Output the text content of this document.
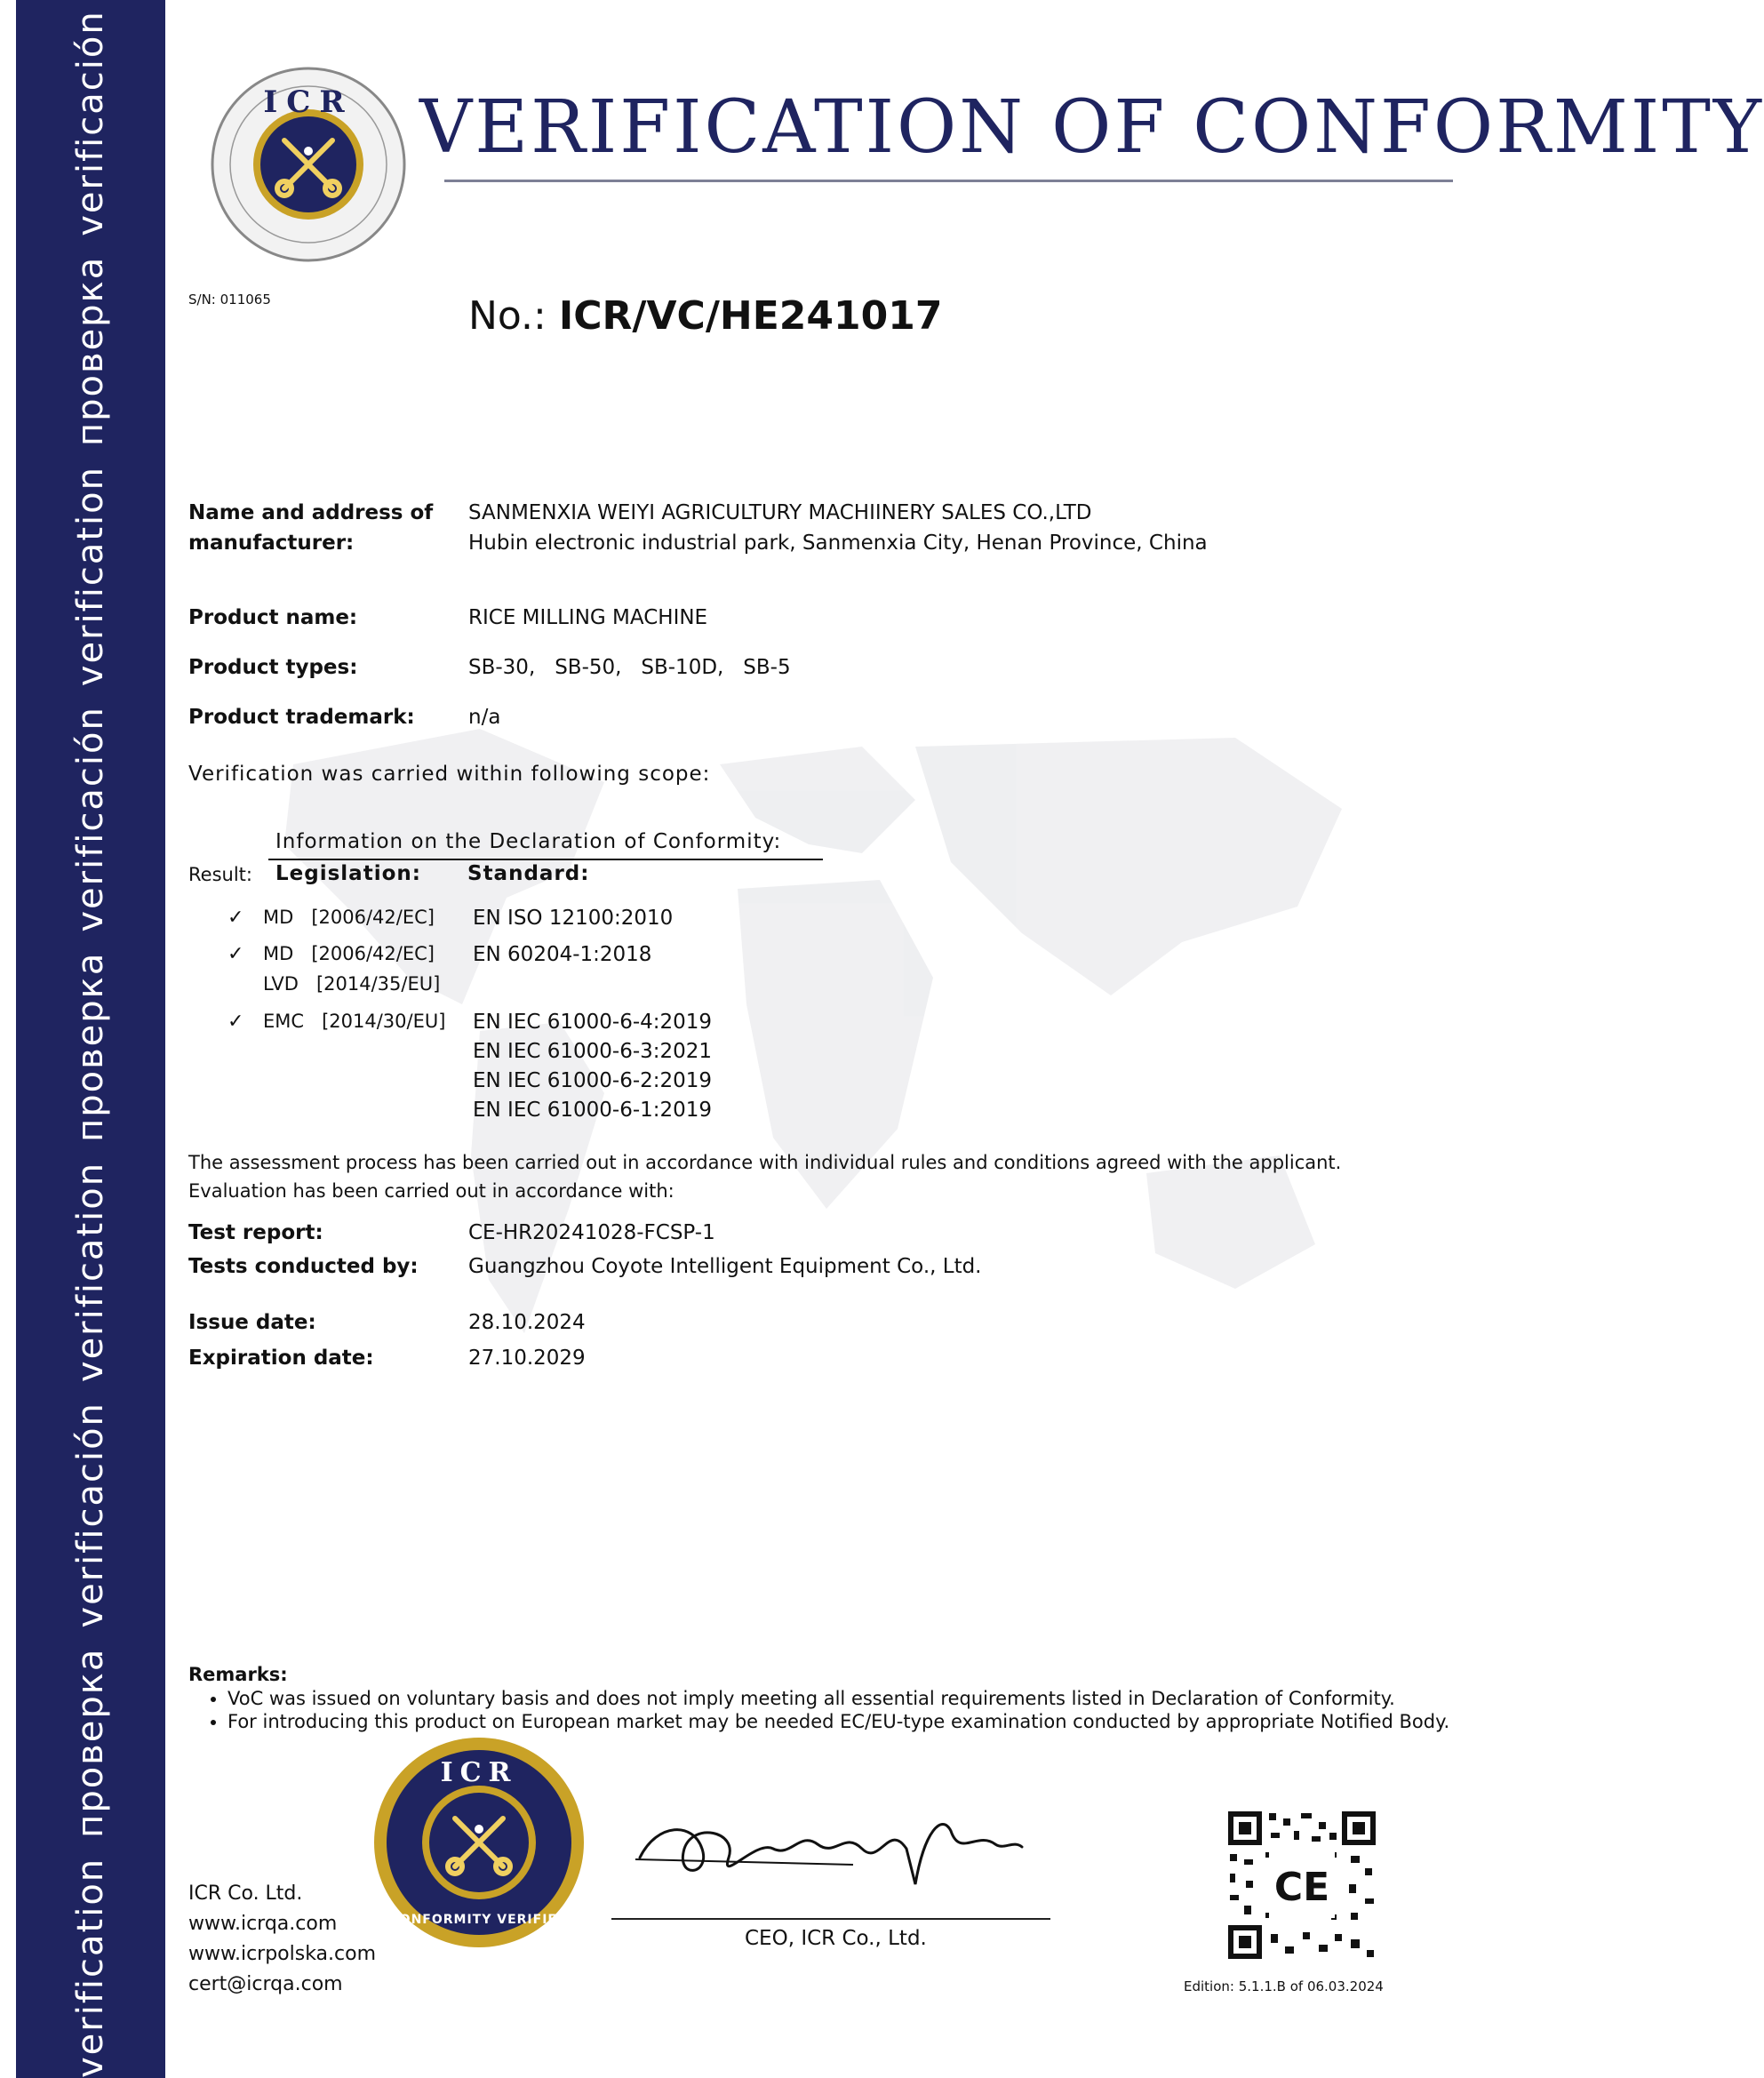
verification
проверка
verificación
verification
проверка
verificación
verification
проверка
verificación	ICR VERIFICATION OF CONFORMITY
S/N: 011065	No.: ICR/VC/HE241017
Name and address of
manufacturer:
SANMENXIA WEIYI AGRICULTURY MACHIINERY SALES CO.,LTD
Hubin electronic industrial park, Sanmenxia City, Henan Province, China
Product name:	RICE MILLING MACHINE
Product types:	SB-30,   SB-50,   SB-10D,   SB-5
Product trademark:	n/a
Verification was carried within following scope:
Information on the Declaration of Conformity:
Result: Legislation: Standard:
✓ MD   [2006/42/EC] EN ISO 12100:2010
✓ MD   [2006/42/EC] EN 60204-1:2018
LVD   [2014/35/EU]
✓ EMC   [2014/30/EU] EN IEC 61000-6-4:2019
EN IEC 61000-6-3:2021
EN IEC 61000-6-2:2019
EN IEC 61000-6-1:2019
The assessment process has been carried out in accordance with individual rules and conditions agreed with the applicant.
Evaluation has been carried out in accordance with:
Test report:	CE-HR20241028-FCSP-1
Tests conducted by: Guangzhou Coyote Intelligent Equipment Co., Ltd.
Issue date:	28.10.2024
Expiration date:	27.10.2029
Remarks:
• VoC was issued on voluntary basis and does not imply meeting all essential requirements listed in Declaration of Conformity.
• For introducing this product on European market may be needed EC/EU-type examination conducted by appropriate Notified Body.
ICR
CONFORMITY VERIFIED
CEO, ICR Co., Ltd.
ICR Co. Ltd.
www.icrqa.com
www.icrpolska.com
cert@icrqa.com
CE
Edition: 5.1.1.B of 06.03.2024
